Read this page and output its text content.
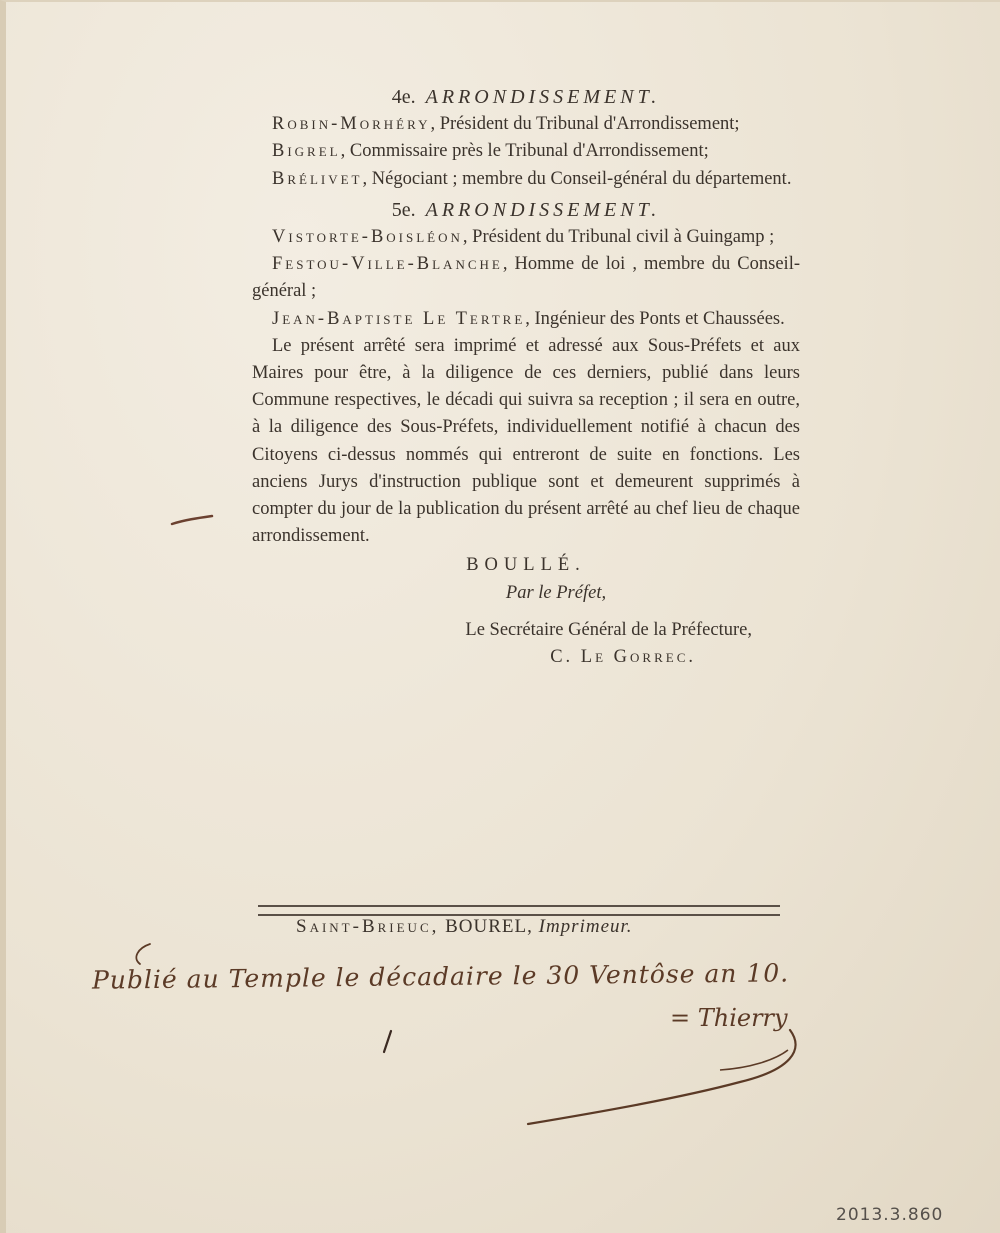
4e. ARRONDISSEMENT.

Robin-Morhéry, Président du Tribunal d'Arrondissement;

Bigrel, Commissaire près le Tribunal d'Arrondissement;

Brélivet, Négociant ; membre du Conseil-général du département.

5e. ARRONDISSEMENT.

Vistorte-Boisléon, Président du Tribunal civil à Guingamp ;

Festou-Ville-Blanche, Homme de loi , membre du Conseil-général ;

Jean-Baptiste Le Tertre, Ingénieur des Ponts et Chaussées.

Le présent arrêté sera imprimé et adressé aux Sous-Préfets et aux Maires pour être, à la diligence de ces derniers, publié dans leurs Commune respectives, le décadi qui suivra sa reception ; il sera en outre, à la diligence des Sous-Préfets, individuellement notifié à chacun des Citoyens ci-dessus nommés qui entreront de suite en fonctions. Les anciens Jurys d'instruction publique sont et demeurent supprimés à compter du jour de la publication du présent arrêté au chef lieu de chaque arrondissement.

BOULLÉ.
Par le Préfet,
Le Secrétaire Général de la Préfecture,
C. Le Gorrec.
Saint-Brieuc, BOUREL, Imprimeur.
Publié au Temple le décadaire le 30 Ventôse an 10.
= Thierry
2013.3.860
